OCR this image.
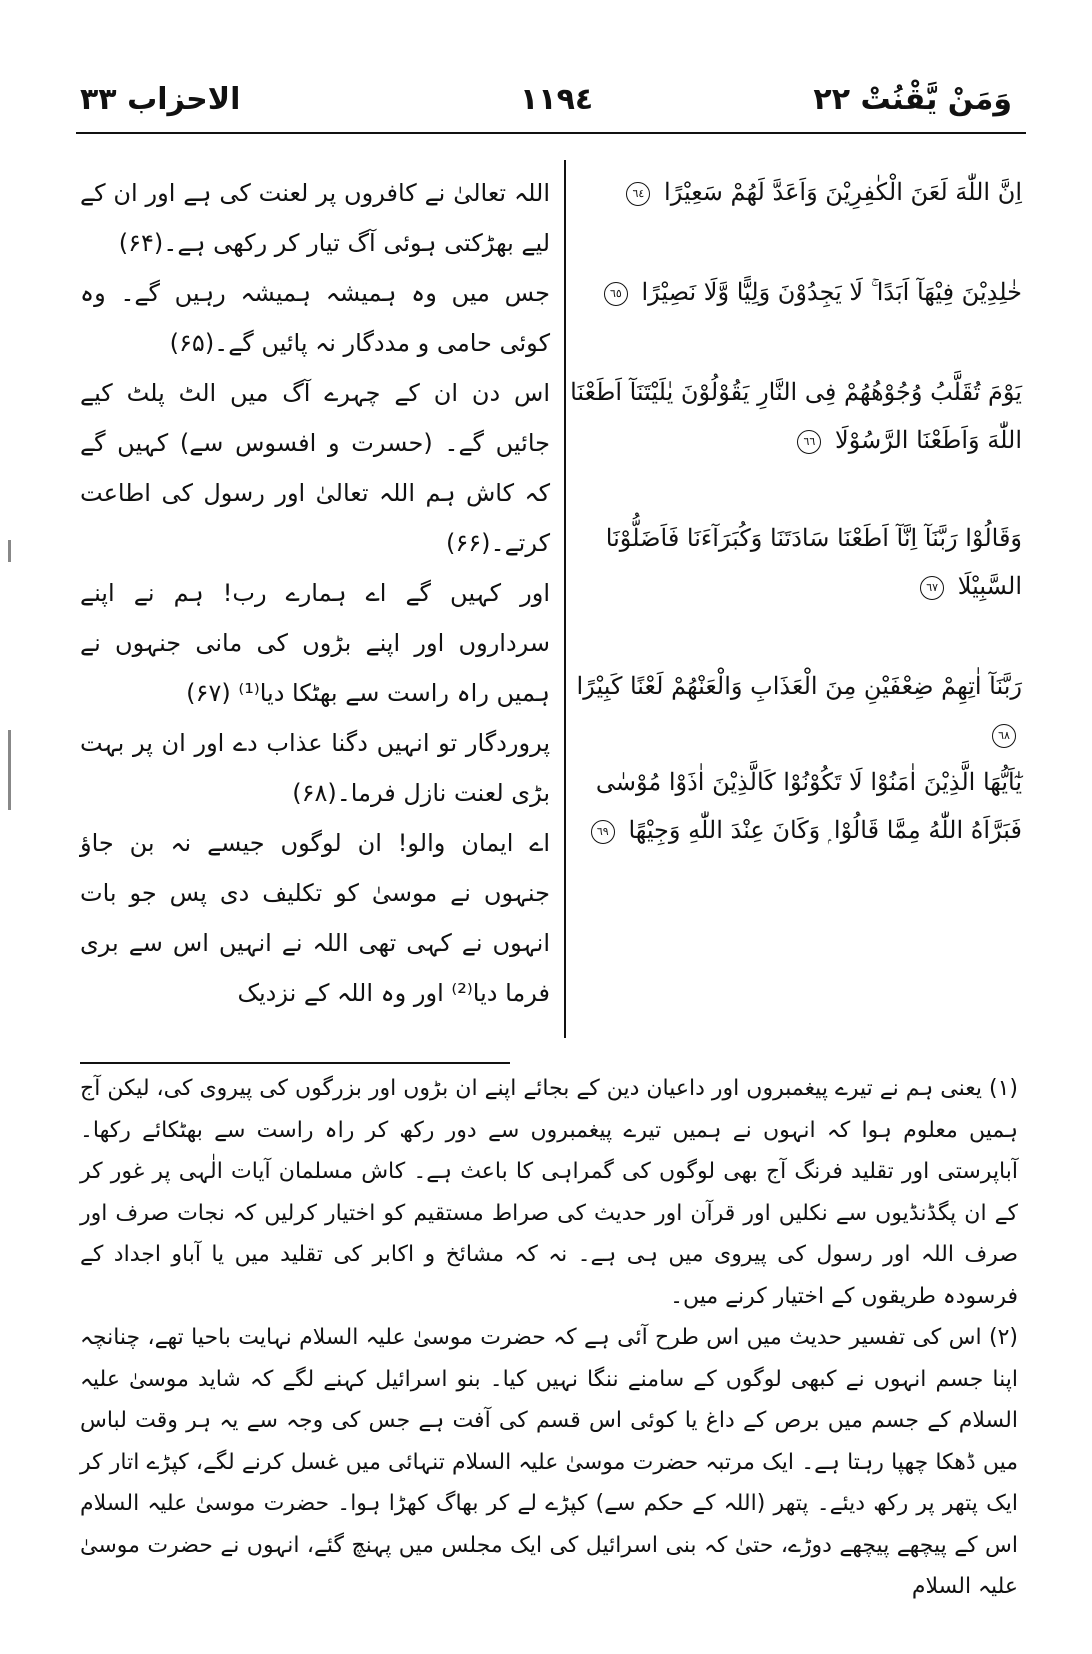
الاحزاب ٣٣	١١٩٤	وَمَنْ يَّقْنُتْ ٢٢
اِنَّ اللّٰهَ لَعَنَ الْكٰفِرِيْنَ وَاَعَدَّ لَهُمْ سَعِيْرًا ٦٤
خٰلِدِيْنَ فِيْهَآ اَبَدًا ۚ لَا يَجِدُوْنَ وَلِيًّا وَّلَا نَصِيْرًا ٦٥
يَوْمَ تُقَلَّبُ وُجُوْهُهُمْ فِى النَّارِ يَقُوْلُوْنَ يٰلَيْتَنَآ اَطَعْنَا اللّٰهَ وَاَطَعْنَا الرَّسُوْلَا ٦٦
وَقَالُوْا رَبَّنَآ اِنَّآ اَطَعْنَا سَادَتَنَا وَكُبَرَآءَنَا فَاَضَلُّوْنَا السَّبِيْلَا ٦٧
رَبَّنَآ اٰتِهِمْ ضِعْفَيْنِ مِنَ الْعَذَابِ وَالْعَنْهُمْ لَعْنًا كَبِيْرًا ٦٨
يٰٓاَيُّهَا الَّذِيْنَ اٰمَنُوْا لَا تَكُوْنُوْا كَالَّذِيْنَ اٰذَوْا مُوْسٰى فَبَرَّاَهُ اللّٰهُ مِمَّا قَالُوْا ۭ وَكَانَ عِنْدَ اللّٰهِ وَجِيْهًا ٦٩

اللہ تعالیٰ نے کافروں پر لعنت کی ہے اور ان کے لیے بھڑکتی ہوئی آگ تیار کر رکھی ہے۔(۶۴)

جس میں وہ ہمیشہ ہمیشہ رہیں گے۔ وہ کوئی حامی و مددگار نہ پائیں گے۔(۶۵)

اس دن ان کے چہرے آگ میں الٹ پلٹ کیے جائیں گے۔ (حسرت و افسوس سے) کہیں گے کہ کاش ہم اللہ تعالیٰ اور رسول کی اطاعت کرتے۔(۶۶)

اور کہیں گے اے ہمارے رب! ہم نے اپنے سرداروں اور اپنے بڑوں کی مانی جنہوں نے ہمیں راہ راست سے بھٹکا دیا⁽¹⁾ (۶۷)

پروردگار تو انہیں دگنا عذاب دے اور ان پر بہت بڑی لعنت نازل فرما۔(۶۸)

اے ایمان والو! ان لوگوں جیسے نہ بن جاؤ جنہوں نے موسیٰ کو تکلیف دی پس جو بات انہوں نے کہی تھی اللہ نے انہیں اس سے بری فرما دیا⁽²⁾ اور وہ اللہ کے نزدیک

(۱) یعنی ہم نے تیرے پیغمبروں اور داعیان دین کے بجائے اپنے ان بڑوں اور بزرگوں کی پیروی کی، لیکن آج ہمیں معلوم ہوا کہ انہوں نے ہمیں تیرے پیغمبروں سے دور رکھ کر راہ راست سے بھٹکائے رکھا۔ آباپرستی اور تقلید فرنگ آج بھی لوگوں کی گمراہی کا باعث ہے۔ کاش مسلمان آیات الٰہی پر غور کر کے ان پگڈنڈیوں سے نکلیں اور قرآن اور حدیث کی صراط مستقیم کو اختیار کرلیں کہ نجات صرف اور صرف اللہ اور رسول کی پیروی میں ہی ہے۔ نہ کہ مشائخ و اکابر کی تقلید میں یا آباو اجداد کے فرسودہ طریقوں کے اختیار کرنے میں۔

(۲) اس کی تفسیر حدیث میں اس طرح آئی ہے کہ حضرت موسیٰ علیہ السلام نہایت باحیا تھے، چنانچہ اپنا جسم انہوں نے کبھی لوگوں کے سامنے ننگا نہیں کیا۔ بنو اسرائیل کہنے لگے کہ شاید موسیٰ علیہ السلام کے جسم میں برص کے داغ یا کوئی اس قسم کی آفت ہے جس کی وجہ سے یہ ہر وقت لباس میں ڈھکا چھپا رہتا ہے۔ ایک مرتبہ حضرت موسیٰ علیہ السلام تنہائی میں غسل کرنے لگے، کپڑے اتار کر ایک پتھر پر رکھ دیئے۔ پتھر (اللہ کے حکم سے) کپڑے لے کر بھاگ کھڑا ہوا۔ حضرت موسیٰ علیہ السلام اس کے پیچھے پیچھے دوڑے، حتیٰ کہ بنی اسرائیل کی ایک مجلس میں پہنچ گئے، انہوں نے حضرت موسیٰ علیہ السلام
